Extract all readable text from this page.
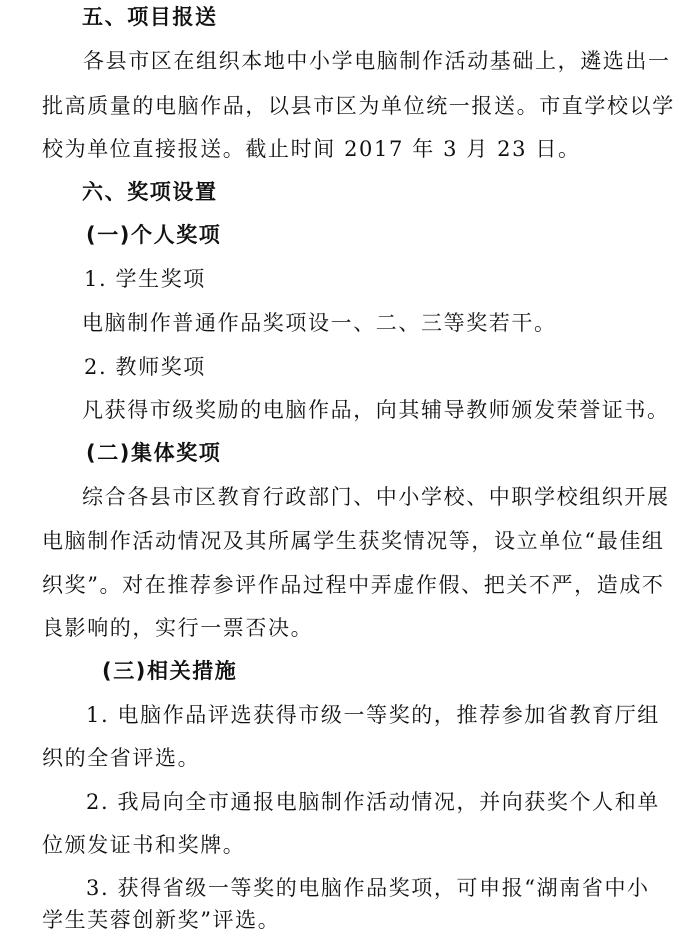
五、项目报送
各县市区在组织本地中小学电脑制作活动基础上，遴选出一
批高质量的电脑作品，以县市区为单位统一报送。市直学校以学
校为单位直接报送。截止时间 2017 年 3 月 23 日。
六、奖项设置
(一)个人奖项
1. 学生奖项
电脑制作普通作品奖项设一、二、三等奖若干。
2. 教师奖项
凡获得市级奖励的电脑作品，向其辅导教师颁发荣誉证书。
(二)集体奖项
综合各县市区教育行政部门、中小学校、中职学校组织开展
电脑制作活动情况及其所属学生获奖情况等，设立单位“最佳组
织奖”。对在推荐参评作品过程中弄虚作假、把关不严，造成不
良影响的，实行一票否决。
(三)相关措施
1. 电脑作品评选获得市级一等奖的，推荐参加省教育厅组
织的全省评选。
2. 我局向全市通报电脑制作活动情况，并向获奖个人和单
位颁发证书和奖牌。
3. 获得省级一等奖的电脑作品奖项，可申报“湖南省中小
学生芙蓉创新奖”评选。
